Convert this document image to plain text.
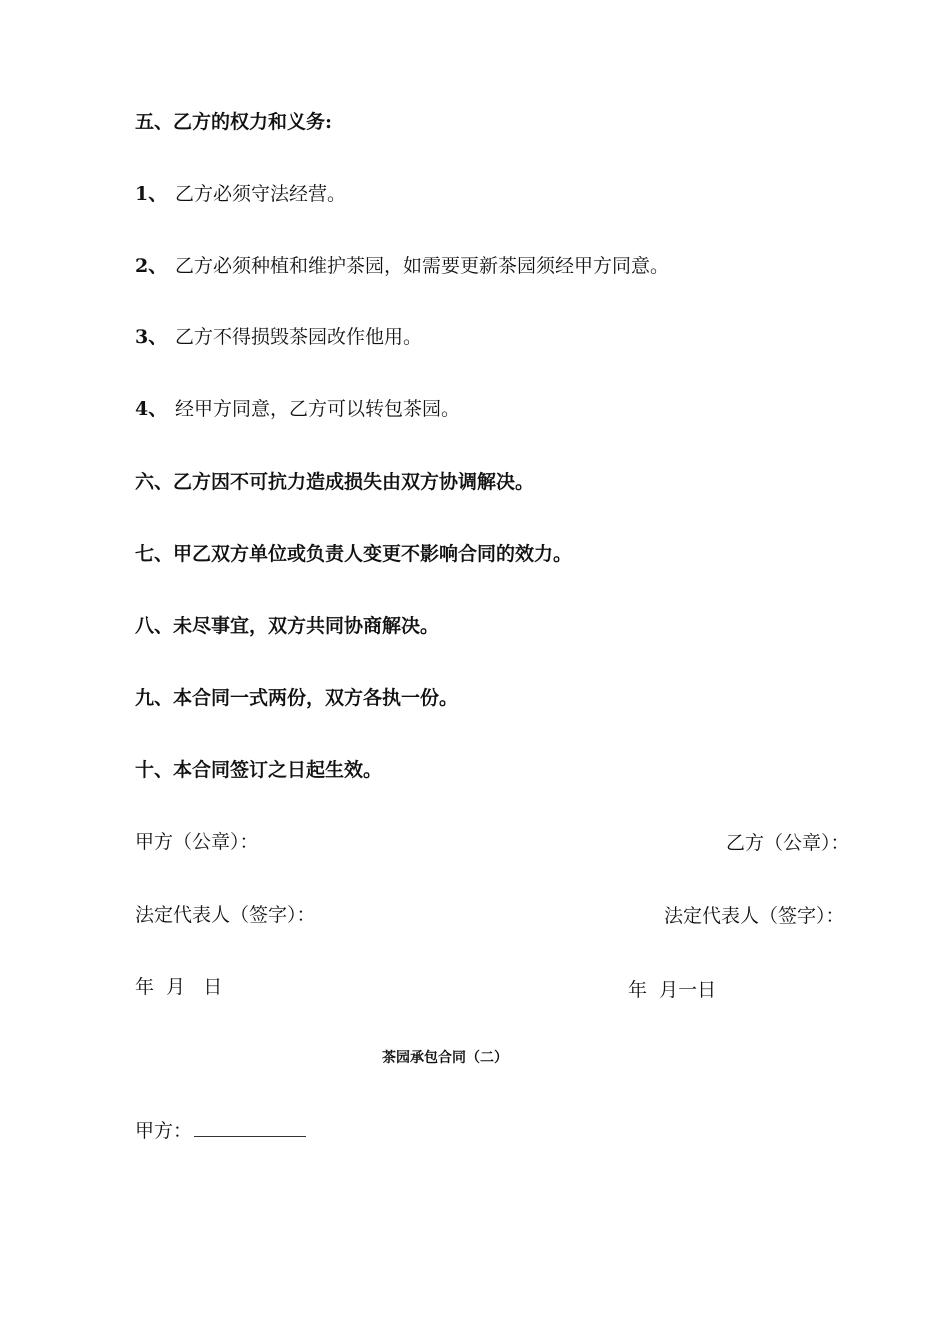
五、乙方的权力和义务:
1、 乙方必须守法经营。
2、 乙方必须种植和维护茶园，如需要更新茶园须经甲方同意。
3、 乙方不得损毁茶园改作他用。
4、 经甲方同意，乙方可以转包茶园。
六、乙方因不可抗力造成损失由双方协调解决。
七、甲乙双方单位或负责人变更不影响合同的效力。
八、未尽事宜，双方共同协商解决。
九、本合同一式两份，双方各执一份。
十、本合同签订之日起生效。
甲方（公章）：	乙方（公章）：
法定代表人（签字）：	法定代表人（签字）：
年  月   日	年  月一日
茶园承包合同（二）
甲方：
